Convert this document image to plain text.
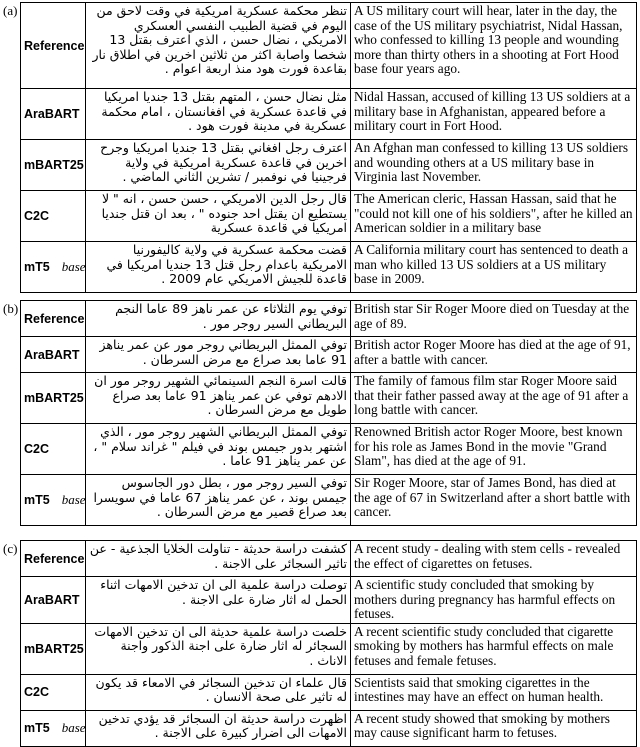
(a)
Reference	تنظر محكمة عسكرية امريكية في وقت لاحق من اليوم في قضية الطبيب النفسي العسكري الامريكي ، نضال حسن ، الذي اعترف بقتل 13 شخصا واصابة اكثر من ثلاثين اخرين في اطلاق نار بقاعدة فورت هود منذ اربعة اعوام .	A US military court will hear, later in the day, the case of the US military psychiatrist, Nidal Hassan, who confessed to killing 13 people and wounding more than thirty others in a shooting at Fort Hood base four years ago.
AraBART	مثل نضال حسن ، المتهم بقتل 13 جنديا امريكيا في قاعدة عسكرية في افغانستان ، امام محكمة عسكرية في مدينة فورت هود .	Nidal Hassan, accused of killing 13 US soldiers at a military base in Afghanistan, appeared before a military court in Fort Hood.
mBART25	اعترف رجل افغاني بقتل 13 جنديا امريكيا وجرح اخرين في قاعدة عسكرية امريكية في ولاية فرجينيا في نوفمبر / تشرين الثاني الماضي .	An Afghan man confessed to killing 13 US soldiers and wounding others at a US military base in Virginia last November.
C2C	قال رجل الدين الامريكي ، حسن حسن ، انه " لا يستطيع ان يقتل احد جنوده " ، بعد ان قتل جنديا امريكيا في قاعدة عسكرية	The American cleric, Hassan Hassan, said that he "could not kill one of his soldiers", after he killed an American soldier in a military base
mT5 base	قضت محكمة عسكرية في ولاية كاليفورنيا الامريكية باعدام رجل قتل 13 جنديا امريكيا في قاعدة للجيش الامريكي عام 2009 .	A California military court has sentenced to death a man who killed 13 US soldiers at a US military base in 2009.
(b)
Reference	توفي يوم الثلاثاء عن عمر ناهز 89 عاما النجم البريطاني السير روجر مور .	British star Sir Roger Moore died on Tuesday at the age of 89.
AraBART	توفي الممثل البريطاني روجر مور عن عمر يناهز 91 عاما بعد صراع مع مرض السرطان .	British actor Roger Moore has died at the age of 91, after a battle with cancer.
mBART25	قالت اسرة النجم السينمائي الشهير روجر مور ان الادهم توفي عن عمر يناهز 91 عاما بعد صراع طويل مع مرض السرطان .	The family of famous film star Roger Moore said that their father passed away at the age of 91 after a long battle with cancer.
C2C	توفي الممثل البريطاني الشهير روجر مور ، الذي اشتهر بدور جيمس بوند في فيلم " غراند سلام " ، عن عمر يناهز 91 عاما .	Renowned British actor Roger Moore, best known for his role as James Bond in the movie "Grand Slam", has died at the age of 91.
mT5 base	توفي السير روجر مور ، بطل دور الجاسوس جيمس بوند ، عن عمر يناهز 67 عاما في سويسرا بعد صراع قصير مع مرض السرطان .	Sir Roger Moore, star of James Bond, has died at the age of 67 in Switzerland after a short battle with cancer.
(c)
Reference	كشفت دراسة حديثة - تناولت الخلايا الجذعية - عن تاثير السجائر على الاجنة .	A recent study - dealing with stem cells - revealed the effect of cigarettes on fetuses.
AraBART	توصلت دراسة علمية الى ان تدخين الامهات اثناء الحمل له اثار ضارة على الاجنة .	A scientific study concluded that smoking by mothers during pregnancy has harmful effects on fetuses.
mBART25	خلصت دراسة علمية حديثة الى ان تدخين الامهات السجائر له اثار ضارة على اجنة الذكور واجنة الاناث .	A recent scientific study concluded that cigarette smoking by mothers has harmful effects on male fetuses and female fetuses.
C2C	قال علماء ان تدخين السجائر في الامعاء قد يكون له تاثير على صحة الانسان .	Scientists said that smoking cigarettes in the intestines may have an effect on human health.
mT5 base	اظهرت دراسة حديثة ان السجائر قد يؤدي تدخين الامهات الى اضرار كبيرة على الاجنة .	A recent study showed that smoking by mothers may cause significant harm to fetuses.
